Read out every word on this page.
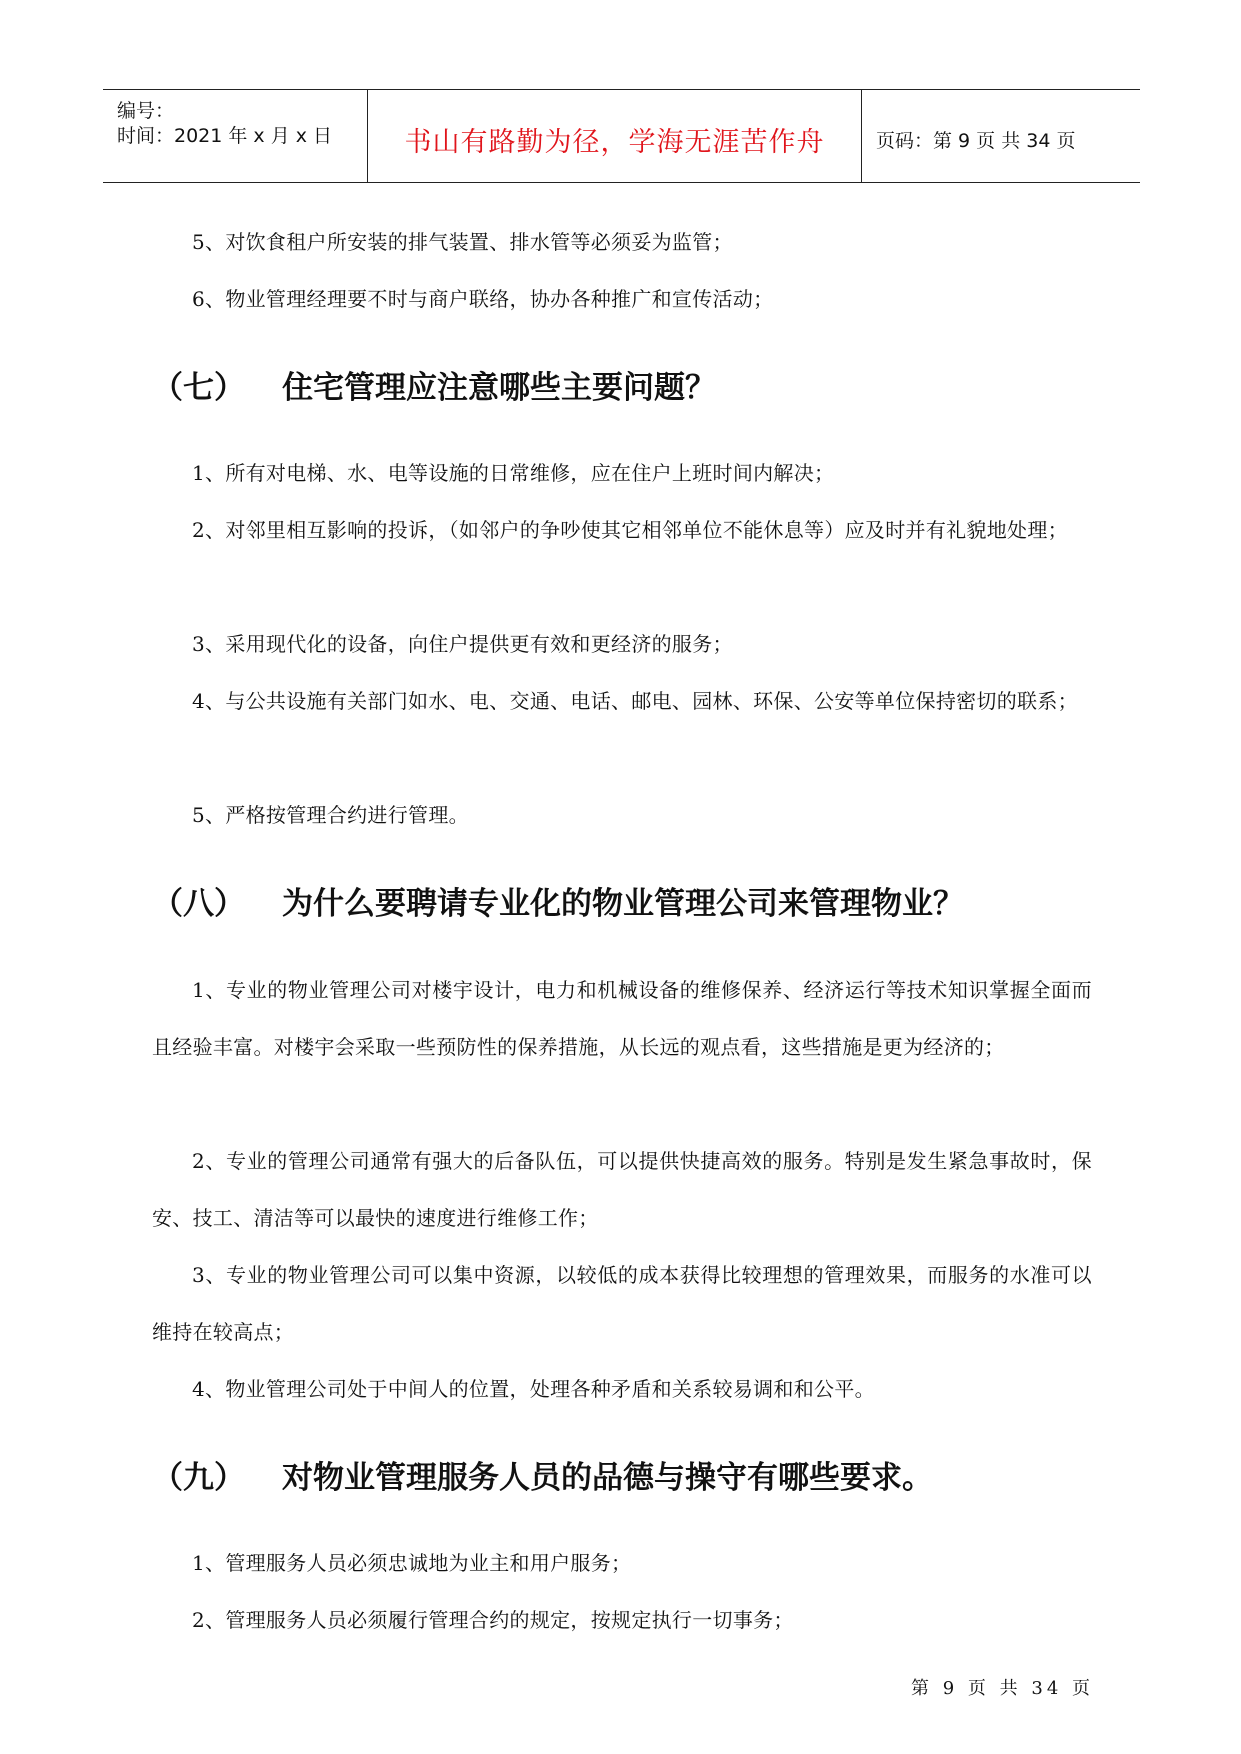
编号：
时间：2021 年 x 月 x 日	书山有路勤为径，学海无涯苦作舟	页码：第 9 页 共 34 页
5、对饮食租户所安装的排气装置、排水管等必须妥为监管；
6、物业管理经理要不时与商户联络，协办各种推广和宣传活动；
（七） 住宅管理应注意哪些主要问题？
1、所有对电梯、水、电等设施的日常维修，应在住户上班时间内解决；
2、对邻里相互影响的投诉，（如邻户的争吵使其它相邻单位不能休息等）应及时并有礼貌地处理；
3、采用现代化的设备，向住户提供更有效和更经济的服务；
4、与公共设施有关部门如水、电、交通、电话、邮电、园林、环保、公安等单位保持密切的联系；
5、严格按管理合约进行管理。
（八） 为什么要聘请专业化的物业管理公司来管理物业？
1、专业的物业管理公司对楼宇设计，电力和机械设备的维修保养、经济运行等技术知识掌握全面而且经验丰富。对楼宇会采取一些预防性的保养措施，从长远的观点看，这些措施是更为经济的；
2、专业的管理公司通常有强大的后备队伍，可以提供快捷高效的服务。特别是发生紧急事故时，保安、技工、清洁等可以最快的速度进行维修工作；
3、专业的物业管理公司可以集中资源，以较低的成本获得比较理想的管理效果，而服务的水准可以维持在较高点；
4、物业管理公司处于中间人的位置，处理各种矛盾和关系较易调和和公平。
（九） 对物业管理服务人员的品德与操守有哪些要求。
1、管理服务人员必须忠诚地为业主和用户服务；
2、管理服务人员必须履行管理合约的规定，按规定执行一切事务；
第 9 页 共 34 页
